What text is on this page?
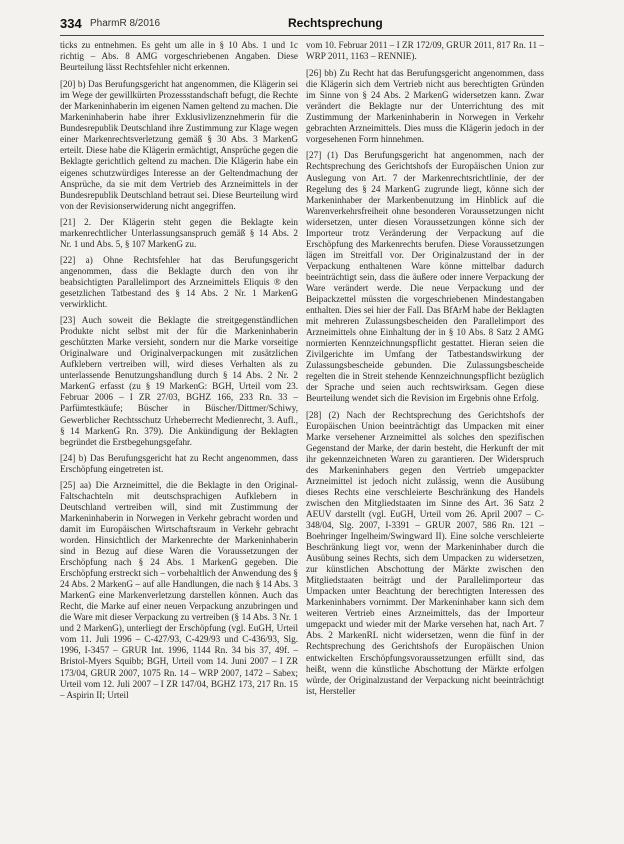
334 PharmR 8/2016	Rechtsprechung

ticks zu entnehmen. Es geht um alle in § 10 Abs. 1 und 1c richtig – Abs. 8 AMG vorgeschriebenen Angaben. Diese Beurteilung lässt Rechtsfehler nicht erkennen.

[20] b) Das Berufungsgericht hat angenommen, die Klägerin sei im Wege der gewillkürten Prozessstandschaft befugt, die Rechte der Markeninhaberin im eigenen Namen geltend zu machen. Die Markeninhaberin habe ihrer Exklusivlizenznehmerin für die Bundesrepublik Deutschland ihre Zustimmung zur Klage wegen einer Markenrechtsverletzung gemäß § 30 Abs. 3 MarkenG erteilt. Diese habe die Klägerin ermächtigt, Ansprüche gegen die Beklagte gerichtlich geltend zu machen. Die Klägerin habe ein eigenes schutzwürdiges Interesse an der Geltendmachung der Ansprüche, da sie mit dem Vertrieb des Arzneimittels in der Bundesrepublik Deutschland betraut sei. Diese Beurteilung wird von der Revisionserwiderung nicht angegriffen.

[21] 2. Der Klägerin steht gegen die Beklagte kein markenrechtlicher Unterlassungsanspruch gemäß § 14 Abs. 2 Nr. 1 und Abs. 5, § 107 MarkenG zu.

[22] a) Ohne Rechtsfehler hat das Berufungsgericht angenommen, dass die Beklagte durch den von ihr beabsichtigten Parallelimport des Arzneimittels Eliquis ® den gesetzlichen Tatbestand des § 14 Abs. 2 Nr. 1 MarkenG verwirklicht.

[23] Auch soweit die Beklagte die streitgegenständlichen Produkte nicht selbst mit der für die Markeninhaberin geschützten Marke versieht, sondern nur die Marke vorseitige Originalware und Originalverpackungen mit zusätzlichen Aufklebern vertreiben will, wird dieses Verhalten als zu unterlassende Benutzungshandlung durch § 14 Abs. 2 Nr. 2 MarkenG erfasst (zu § 19 MarkenG: BGH, Urteil vom 23. Februar 2006 – I ZR 27/03, BGHZ 166, 233 Rn. 33 – Parfümtestkäufe; Büscher in Büscher/Dittmer/Schiwy, Gewerblicher Rechtsschutz Urheberrecht Medienrecht, 3. Aufl., § 14 MarkenG Rn. 379). Die Ankündigung der Beklagten begründet die Erstbegehungsgefahr.

[24] b) Das Berufungsgericht hat zu Recht angenommen, dass Erschöpfung eingetreten ist.

[25] aa) Die Arzneimittel, die die Beklagte in den Original-Faltschachteln mit deutschsprachigen Aufklebern in Deutschland vertreiben will, sind mit Zustimmung der Markeninhaberin in Norwegen in Verkehr gebracht worden und damit im Europäischen Wirtschaftsraum in Verkehr gebracht worden. Hinsichtlich der Markenrechte der Markeninhaberin sind in Bezug auf diese Waren die Voraussetzungen der Erschöpfung nach § 24 Abs. 1 MarkenG gegeben. Die Erschöpfung erstreckt sich – vorbehaltlich der Anwendung des § 24 Abs. 2 MarkenG – auf alle Handlungen, die nach § 14 Abs. 3 MarkenG eine Markenverletzung darstellen können. Auch das Recht, die Marke auf einer neuen Verpackung anzubringen und die Ware mit dieser Verpackung zu vertreiben (§ 14 Abs. 3 Nr. 1 und 2 MarkenG), unterliegt der Erschöpfung (vgl. EuGH, Urteil vom 11. Juli 1996 – C-427/93, C-429/93 und C-436/93, Slg. 1996, I-3457 – GRUR Int. 1996, 1144 Rn. 34 bis 37, 49f. – Bristol-Myers Squibb; BGH, Urteil vom 14. Juni 2007 – I ZR 173/04, GRUR 2007, 1075 Rn. 14 – WRP 2007, 1472 – Sabex; Urteil vom 12. Juli 2007 – I ZR 147/04, BGHZ 173, 217 Rn. 15 – Aspirin II; Urteil

vom 10. Februar 2011 – I ZR 172/09, GRUR 2011, 817 Rn. 11 – WRP 2011, 1163 – RENNIE).

[26] bb) Zu Recht hat das Berufungsgericht angenommen, dass die Klägerin sich dem Vertrieb nicht aus berechtigten Gründen im Sinne von § 24 Abs. 2 MarkenG widersetzen kann. Zwar verändert die Beklagte nur der Unterrichtung des mit Zustimmung der Markeninhaberin in Norwegen in Verkehr gebrachten Arzneimittels. Dies muss die Klägerin jedoch in der vorgesehenen Form hinnehmen.

[27] (1) Das Berufungsgericht hat angenommen, nach der Rechtsprechung des Gerichtshofs der Europäischen Union zur Auslegung von Art. 7 der Markenrechtsrichtlinie, der der Regelung des § 24 MarkenG zugrunde liegt, könne sich der Markeninhaber der Markenbenutzung im Hinblick auf die Warenverkehrsfreiheit ohne besonderen Voraussetzungen nicht widersetzen, unter diesen Voraussetzungen könne sich der Importeur trotz Veränderung der Verpackung auf die Erschöpfung des Markenrechts berufen. Diese Voraussetzungen lägen im Streitfall vor. Der Originalzustand der in der Verpackung enthaltenen Ware könne mittelbar dadurch beeinträchtigt sein, dass die äußere oder innere Verpackung der Ware verändert werde. Die neue Verpackung und der Beipackzettel müssten die vorgeschriebenen Mindestangaben enthalten. Dies sei hier der Fall. Das BfArM habe der Beklagten mit mehreren Zulassungsbescheiden den Parallelimport des Arzneimittels ohne Einhaltung der in § 10 Abs. 8 Satz 2 AMG normierten Kennzeichnungspflicht gestattet. Hieran seien die Zivilgerichte im Umfang der Tatbestandswirkung der Zulassungsbescheide gebunden. Die Zulassungsbescheide regelten die in Streit stehende Kennzeichnungspflicht bezüglich der Sprache und seien auch rechtswirksam. Gegen diese Beurteilung wendet sich die Revision im Ergebnis ohne Erfolg.

[28] (2) Nach der Rechtsprechung des Gerichtshofs der Europäischen Union beeinträchtigt das Umpacken mit einer Marke versehener Arzneimittel als solches den spezifischen Gegenstand der Marke, der darin besteht, die Herkunft der mit ihr gekennzeichneten Waren zu garantieren. Der Widerspruch des Markeninhabers gegen den Vertrieb umgepackter Arzneimittel ist jedoch nicht zulässig, wenn die Ausübung dieses Rechts eine verschleierte Beschränkung des Handels zwischen den Mitgliedstaaten im Sinne des Art. 36 Satz 2 AEUV darstellt (vgl. EuGH, Urteil vom 26. April 2007 – C-348/04, Slg. 2007, I-3391 – GRUR 2007, 586 Rn. 121 – Boehringer Ingelheim/Swingward II). Eine solche verschleierte Beschränkung liegt vor, wenn der Markeninhaber durch die Ausübung seines Rechts, sich dem Umpacken zu widersetzen, zur künstlichen Abschottung der Märkte zwischen den Mitgliedstaaten beiträgt und der Parallelimporteur das Umpacken unter Beachtung der berechtigten Interessen des Markeninhabers vornimmt. Der Markeninhaber kann sich dem weiteren Vertrieb eines Arzneimittels, das der Importeur umgepackt und wieder mit der Marke versehen hat, nach Art. 7 Abs. 2 MarkenRL nicht widersetzen, wenn die fünf in der Rechtsprechung des Gerichtshofs der Europäischen Union entwickelten Erschöpfungsvoraussetzungen erfüllt sind, das heißt, wenn die künstliche Abschottung der Märkte erfolgen würde, der Originalzustand der Verpackung nicht beeinträchtigt ist, Hersteller
